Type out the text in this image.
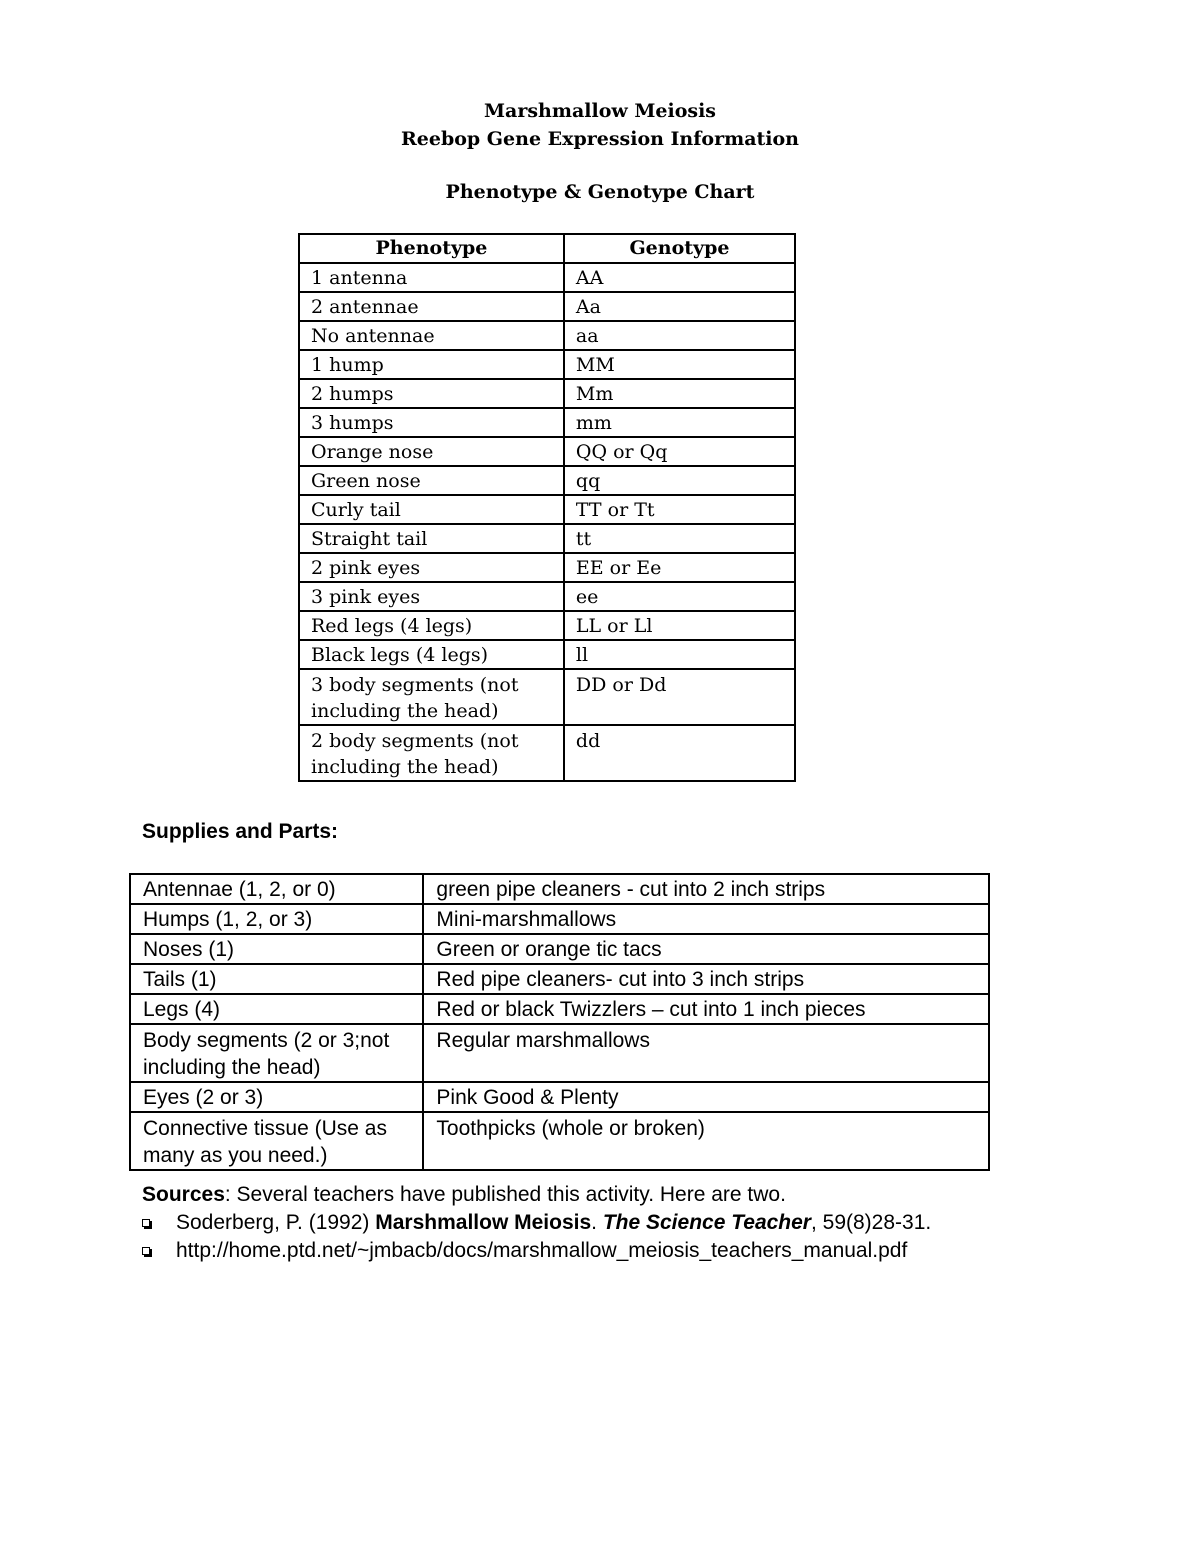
Marshmallow Meiosis
Reebop Gene Expression Information
Phenotype & Genotype Chart
Phenotype	Genotype
1 antenna	AA
2 antennae	Aa
No antennae	aa
1 hump	MM
2 humps	Mm
3 humps	mm
Orange nose	QQ or Qq
Green nose	qq
Curly tail	TT or Tt
Straight tail	tt
2 pink eyes	EE or Ee
3 pink eyes	ee
Red legs (4 legs)	LL or Ll
Black legs (4 legs)	ll
3 body segments (not including the head)	DD or Dd
2 body segments (not including the head)	dd
Supplies and Parts:
Antennae (1, 2, or 0)	green pipe cleaners - cut into 2 inch strips
Humps (1, 2, or 3)	Mini-marshmallows
Noses (1)	Green or orange tic tacs
Tails (1)	Red pipe cleaners- cut into 3 inch strips
Legs (4)	Red or black Twizzlers – cut into 1 inch pieces
Body segments (2 or 3;not including the head)	Regular marshmallows
Eyes (2 or 3)	Pink Good & Plenty
Connective tissue (Use as many as you need.)	Toothpicks (whole or broken)
Sources: Several teachers have published this activity. Here are two.
Soderberg, P. (1992) Marshmallow Meiosis. The Science Teacher, 59(8)28-31.
http://home.ptd.net/~jmbacb/docs/marshmallow_meiosis_teachers_manual.pdf
